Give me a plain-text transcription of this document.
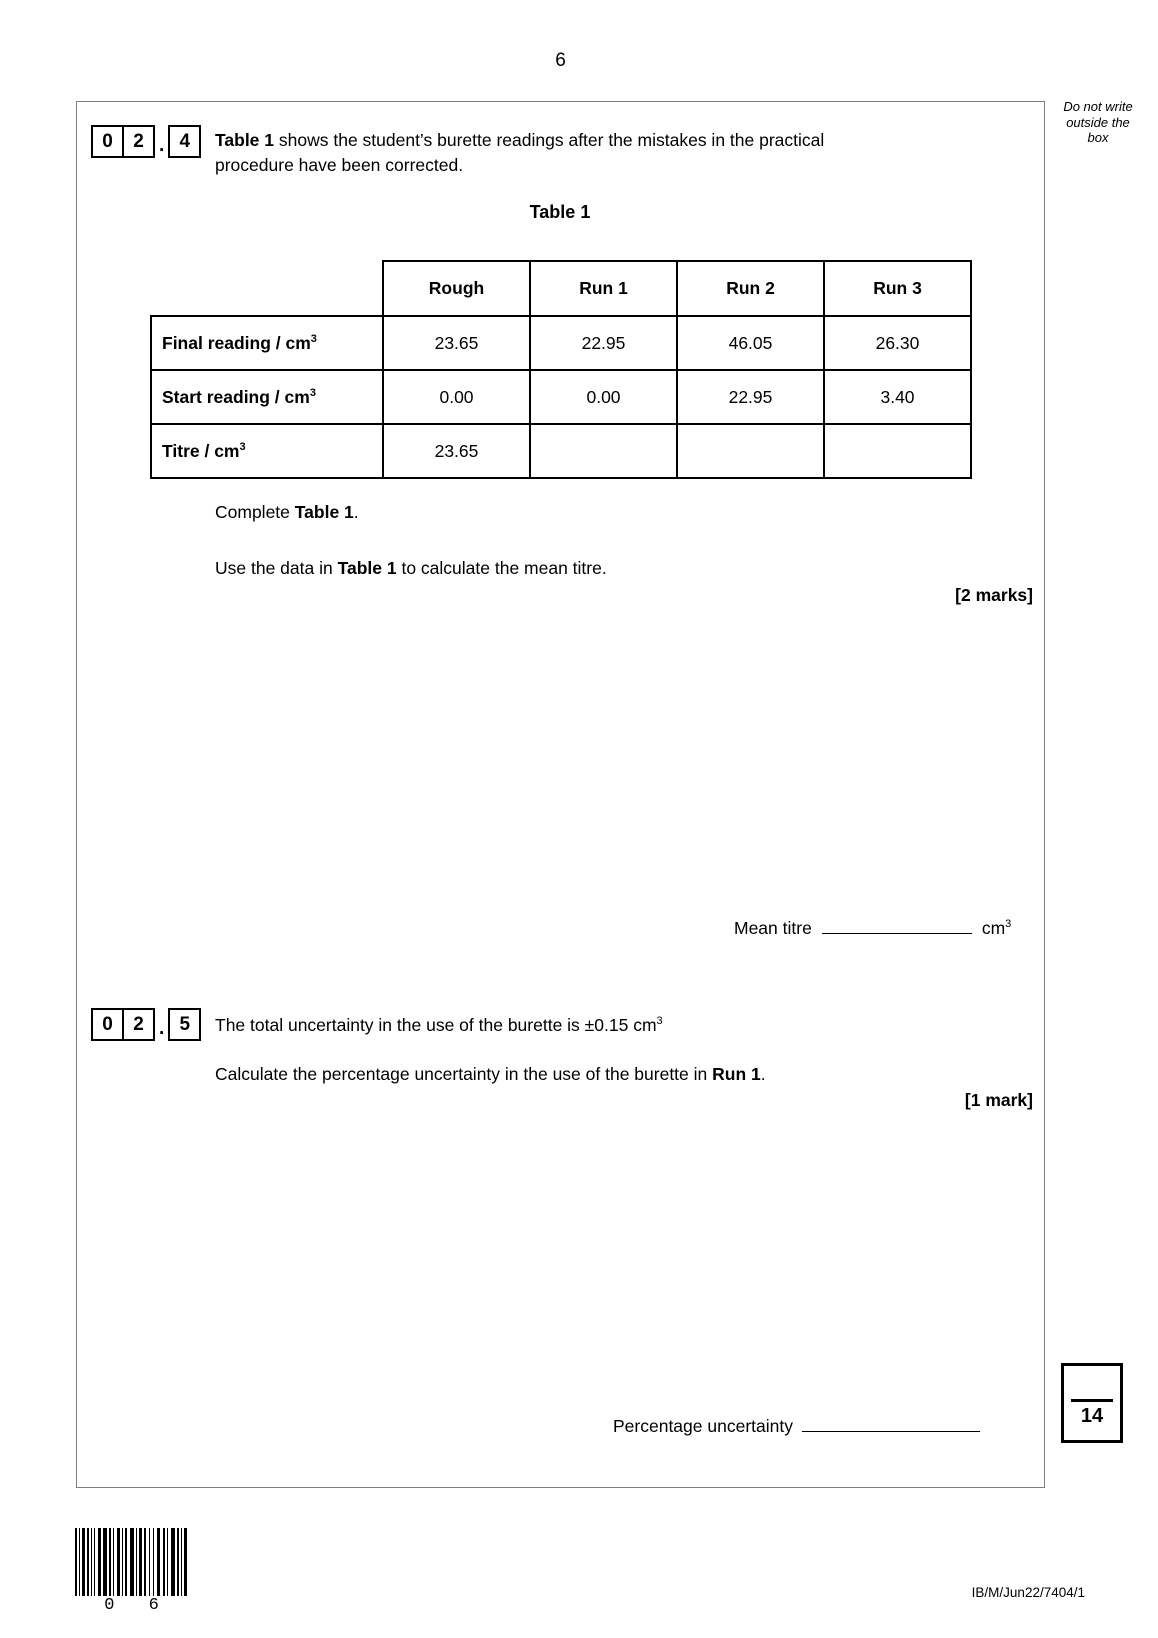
6
Do not write
outside the
box
0	2 . 4	Table 1 shows the student’s burette readings after the mistakes in the practical
procedure have been corrected.
Table 1
	Rough	Run 1	Run 2	Run 3
Final reading / $cm^3$	23.65	22.95	46.05	26.30
Start reading / $cm^3$	0.00	0.00	22.95	3.40
Titre / $cm^3$	23.65			
Complete Table 1.
Use the data in Table 1 to calculate the mean titre.
[2 marks]
Mean titre	$cm^3$
0	2 . 5	The total uncertainty in the use of the burette is ±0.15 $cm^3$
Calculate the percentage uncertainty in the use of the burette in Run 1.
[1 mark]
Percentage uncertainty	14
0 6
IB/M/Jun22/7404/1
